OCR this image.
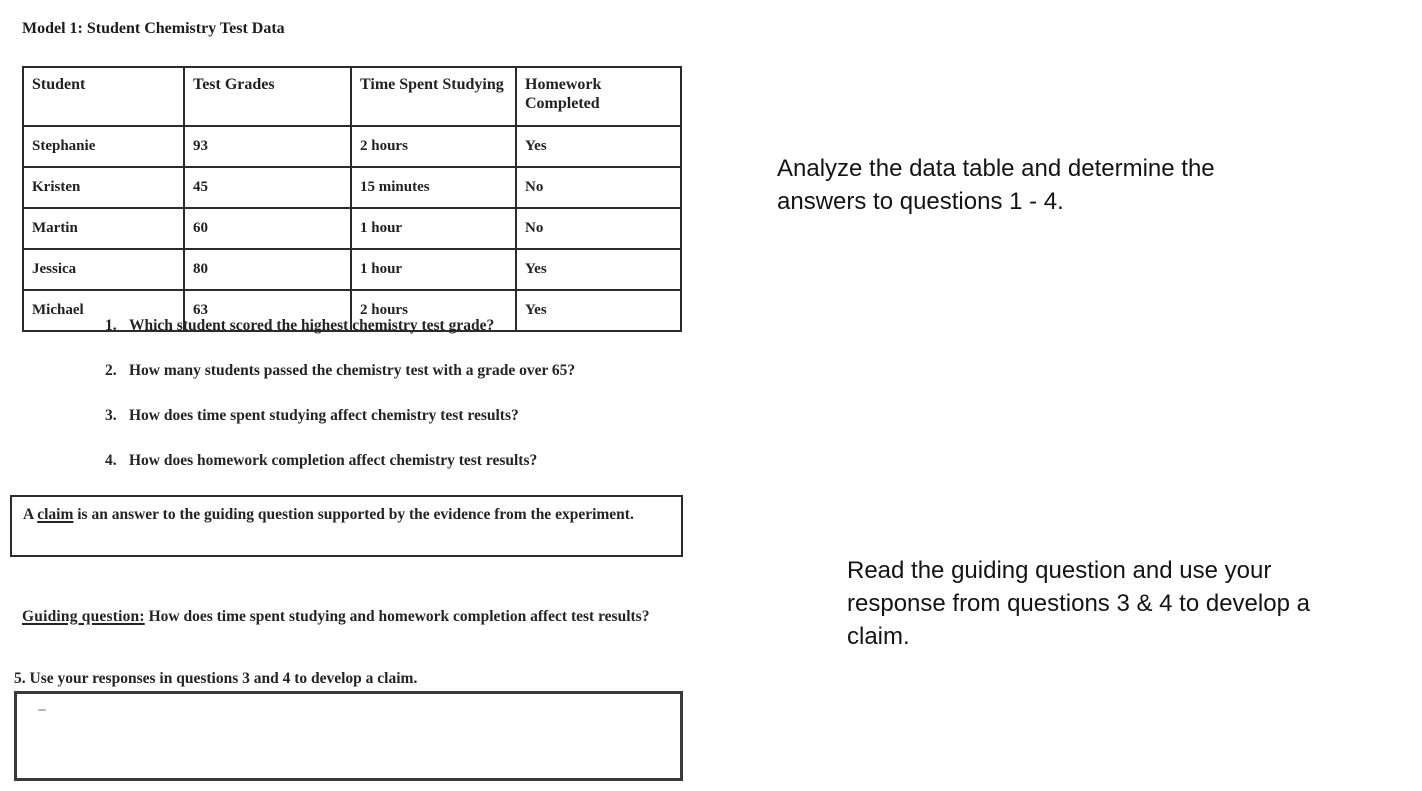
Model 1: Student Chemistry Test Data
Student	Test Grades	Time Spent Studying	Homework Completed
Stephanie	93	2 hours	Yes
Kristen	45	15 minutes	No
Martin	60	1 hour	No
Jessica	80	1 hour	Yes
Michael	63	2 hours	Yes
1. Which student scored the highest chemistry test grade?
2. How many students passed the chemistry test with a grade over 65?
3. How does time spent studying affect chemistry test results?
4. How does homework completion affect chemistry test results?
A claim is an answer to the guiding question supported by the evidence from the experiment.
Guiding question: How does time spent studying and homework completion affect test results?
5. Use your responses in questions 3 and 4 to develop a claim.
Analyze the data table and determine the answers to questions 1 - 4.
Read the guiding question and use your response from questions 3 & 4 to develop a claim.
